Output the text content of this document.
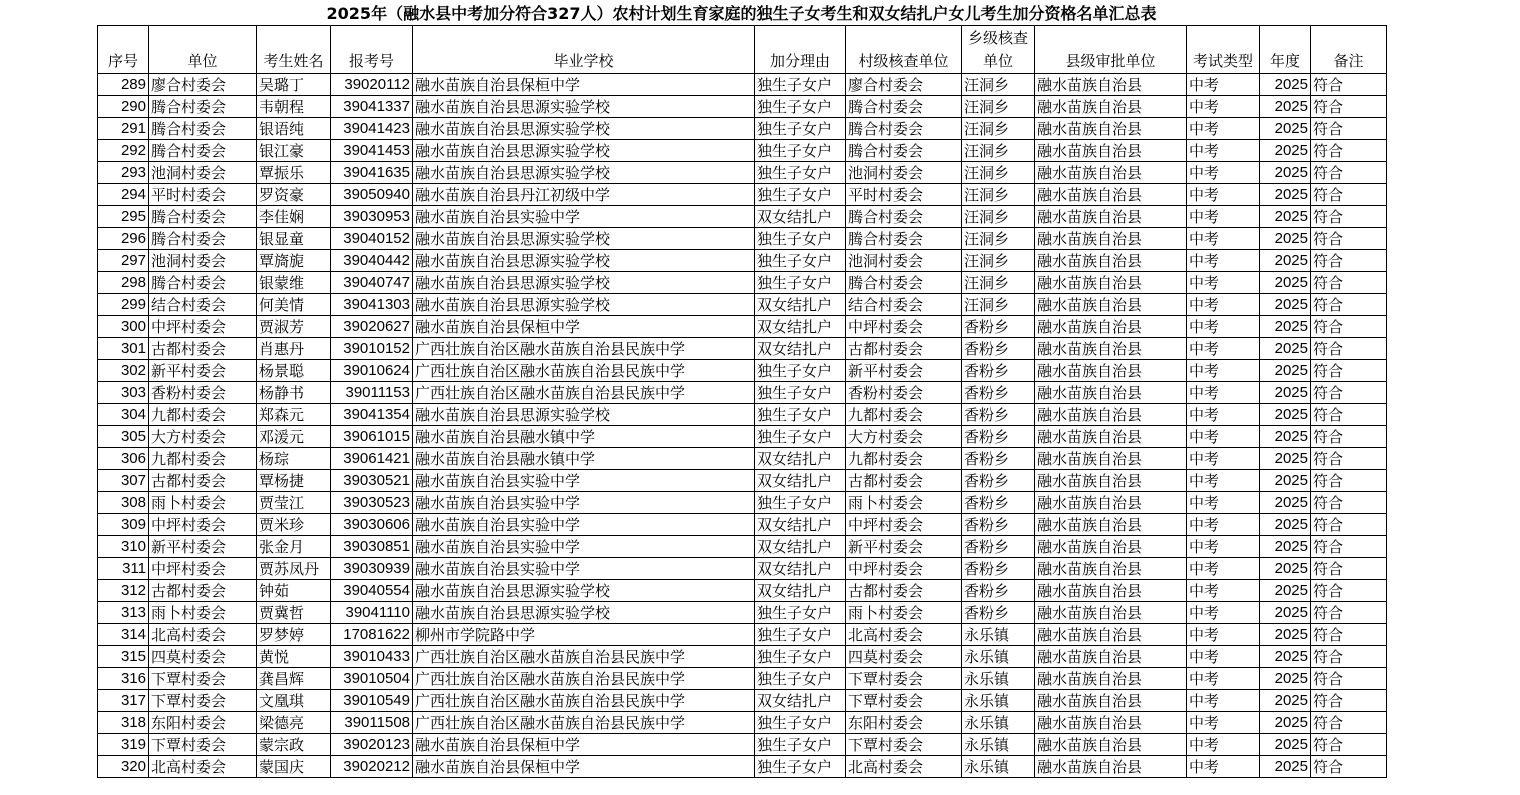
2025年（融水县中考加分符合327人）农村计划生育家庭的独生子女考生和双女结扎户女儿考生加分资格名单汇总表
序号	单位	考生姓名	报考号	毕业学校	加分理由	村级核查单位	乡级核查单位	县级审批单位	考试类型	年度	备注
289	廖合村委会	吴璐丁	39020112	融水苗族自治县保桓中学	独生子女户	廖合村委会	汪洞乡	融水苗族自治县	中考	2025	符合
290	腾合村委会	韦朝程	39041337	融水苗族自治县思源实验学校	独生子女户	腾合村委会	汪洞乡	融水苗族自治县	中考	2025	符合
291	腾合村委会	银语纯	39041423	融水苗族自治县思源实验学校	独生子女户	腾合村委会	汪洞乡	融水苗族自治县	中考	2025	符合
292	腾合村委会	银江豪	39041453	融水苗族自治县思源实验学校	独生子女户	腾合村委会	汪洞乡	融水苗族自治县	中考	2025	符合
293	池洞村委会	覃振乐	39041635	融水苗族自治县思源实验学校	独生子女户	池洞村委会	汪洞乡	融水苗族自治县	中考	2025	符合
294	平时村委会	罗资豪	39050940	融水苗族自治县丹江初级中学	独生子女户	平时村委会	汪洞乡	融水苗族自治县	中考	2025	符合
295	腾合村委会	李佳娴	39030953	融水苗族自治县实验中学	双女结扎户	腾合村委会	汪洞乡	融水苗族自治县	中考	2025	符合
296	腾合村委会	银显童	39040152	融水苗族自治县思源实验学校	独生子女户	腾合村委会	汪洞乡	融水苗族自治县	中考	2025	符合
297	池洞村委会	覃旖旎	39040442	融水苗族自治县思源实验学校	独生子女户	池洞村委会	汪洞乡	融水苗族自治县	中考	2025	符合
298	腾合村委会	银蒙维	39040747	融水苗族自治县思源实验学校	独生子女户	腾合村委会	汪洞乡	融水苗族自治县	中考	2025	符合
299	结合村委会	何美情	39041303	融水苗族自治县思源实验学校	双女结扎户	结合村委会	汪洞乡	融水苗族自治县	中考	2025	符合
300	中坪村委会	贾淑芳	39020627	融水苗族自治县保桓中学	双女结扎户	中坪村委会	香粉乡	融水苗族自治县	中考	2025	符合
301	古都村委会	肖惠丹	39010152	广西壮族自治区融水苗族自治县民族中学	双女结扎户	古都村委会	香粉乡	融水苗族自治县	中考	2025	符合
302	新平村委会	杨景聪	39010624	广西壮族自治区融水苗族自治县民族中学	独生子女户	新平村委会	香粉乡	融水苗族自治县	中考	2025	符合
303	香粉村委会	杨静书	39011153	广西壮族自治区融水苗族自治县民族中学	独生子女户	香粉村委会	香粉乡	融水苗族自治县	中考	2025	符合
304	九都村委会	郑森元	39041354	融水苗族自治县思源实验学校	独生子女户	九都村委会	香粉乡	融水苗族自治县	中考	2025	符合
305	大方村委会	邓湲元	39061015	融水苗族自治县融水镇中学	独生子女户	大方村委会	香粉乡	融水苗族自治县	中考	2025	符合
306	九都村委会	杨琮	39061421	融水苗族自治县融水镇中学	双女结扎户	九都村委会	香粉乡	融水苗族自治县	中考	2025	符合
307	古都村委会	覃杨捷	39030521	融水苗族自治县实验中学	双女结扎户	古都村委会	香粉乡	融水苗族自治县	中考	2025	符合
308	雨卜村委会	贾莹江	39030523	融水苗族自治县实验中学	独生子女户	雨卜村委会	香粉乡	融水苗族自治县	中考	2025	符合
309	中坪村委会	贾米珍	39030606	融水苗族自治县实验中学	双女结扎户	中坪村委会	香粉乡	融水苗族自治县	中考	2025	符合
310	新平村委会	张金月	39030851	融水苗族自治县实验中学	双女结扎户	新平村委会	香粉乡	融水苗族自治县	中考	2025	符合
311	中坪村委会	贾苏凤丹	39030939	融水苗族自治县实验中学	双女结扎户	中坪村委会	香粉乡	融水苗族自治县	中考	2025	符合
312	古都村委会	钟茹	39040554	融水苗族自治县思源实验学校	双女结扎户	古都村委会	香粉乡	融水苗族自治县	中考	2025	符合
313	雨卜村委会	贾冀哲	39041110	融水苗族自治县思源实验学校	独生子女户	雨卜村委会	香粉乡	融水苗族自治县	中考	2025	符合
314	北高村委会	罗梦婷	17081622	柳州市学院路中学	独生子女户	北高村委会	永乐镇	融水苗族自治县	中考	2025	符合
315	四莫村委会	黄悦	39010433	广西壮族自治区融水苗族自治县民族中学	独生子女户	四莫村委会	永乐镇	融水苗族自治县	中考	2025	符合
316	下覃村委会	龚昌辉	39010504	广西壮族自治区融水苗族自治县民族中学	独生子女户	下覃村委会	永乐镇	融水苗族自治县	中考	2025	符合
317	下覃村委会	文凰琪	39010549	广西壮族自治区融水苗族自治县民族中学	双女结扎户	下覃村委会	永乐镇	融水苗族自治县	中考	2025	符合
318	东阳村委会	梁德亮	39011508	广西壮族自治区融水苗族自治县民族中学	独生子女户	东阳村委会	永乐镇	融水苗族自治县	中考	2025	符合
319	下覃村委会	蒙宗政	39020123	融水苗族自治县保桓中学	独生子女户	下覃村委会	永乐镇	融水苗族自治县	中考	2025	符合
320	北高村委会	蒙国庆	39020212	融水苗族自治县保桓中学	独生子女户	北高村委会	永乐镇	融水苗族自治县	中考	2025	符合
